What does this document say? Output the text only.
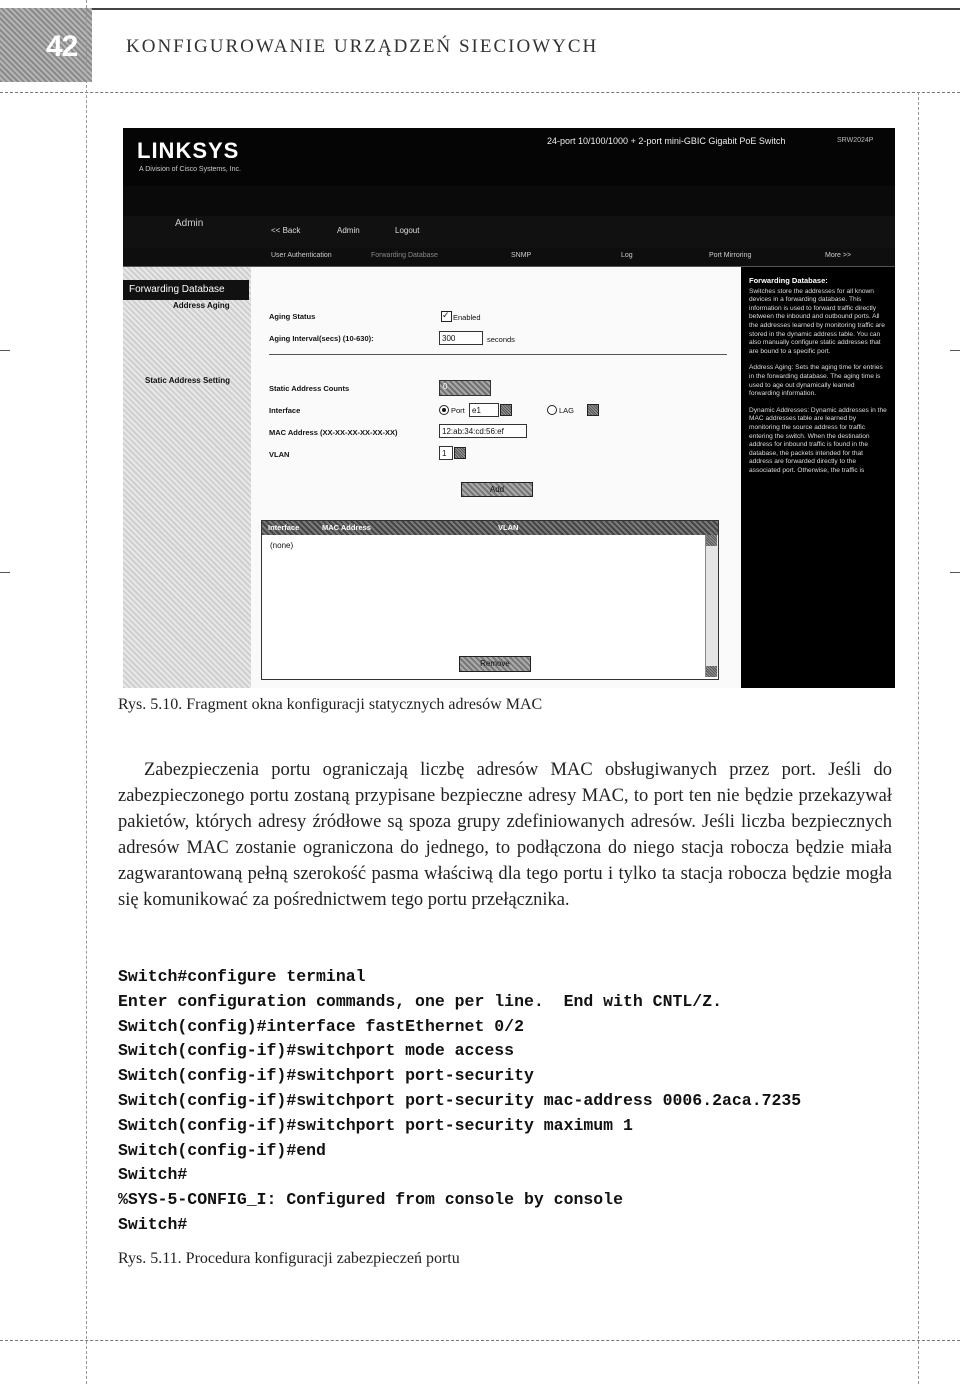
42	KONFIGUROWANIE URZĄDZEŃ SIECIOWYCH
LINKSYS
A Division of Cisco Systems, Inc.
24-port 10/100/1000 + 2-port mini-GBIC Gigabit PoE Switch	SRW2024P
Admin
<< Back	Admin	Logout
User Authentication	Forwarding Database	SNMP	Log	Port Mirroring	More >>
Forwarding Database
Address Aging
Static Address Setting
Aging Status	✓ Enabled
Aging Interval(secs) (10-630):	300	seconds
Static Address Counts	0
Interface	Port e1	LAG
MAC Address (XX-XX-XX-XX-XX-XX)	12:ab:34:cd:56:ef
VLAN	1
Add
Interface	MAC Address	VLAN
(none)
Remove
Forwarding Database:

Switches store the addresses for all known devices in a forwarding database. This information is used to forward traffic directly between the inbound and outbound ports. All the addresses learned by monitoring traffic are stored in the dynamic address table. You can also manually configure static addresses that are bound to a specific port.

Address Aging: Sets the aging time for entries in the forwarding database. The aging time is used to age out dynamically learned forwarding information.

Dynamic Addresses: Dynamic addresses in the MAC addresses table are learned by monitoring the source address for traffic entering the switch. When the destination address for inbound traffic is found in the database, the packets intended for that address are forwarded directly to the associated port. Otherwise, the traffic is

Rys. 5.10. Fragment okna konfiguracji statycznych adresów MAC
Zabezpieczenia portu ograniczają liczbę adresów MAC obsługiwanych przez port. Jeśli do zabezpieczonego portu zostaną przypisane bezpieczne adresy MAC, to port ten nie będzie przekazywał pakietów, których adresy źródłowe są spoza grupy zdefiniowanych adresów. Jeśli liczba bezpiecznych adresów MAC zostanie ograniczona do jednego, to podłączona do niego stacja robocza będzie miała zagwarantowaną pełną szerokość pasma właściwą dla tego portu i tylko ta stacja robocza będzie mogła się komunikować za pośrednictwem tego portu przełącznika.
Switch#configure terminal
Enter configuration commands, one per line.  End with CNTL/Z.
Switch(config)#interface fastEthernet 0/2
Switch(config-if)#switchport mode access
Switch(config-if)#switchport port-security
Switch(config-if)#switchport port-security mac-address 0006.2aca.7235
Switch(config-if)#switchport port-security maximum 1
Switch(config-if)#end
Switch#
%SYS-5-CONFIG_I: Configured from console by console
Switch#
Rys. 5.11. Procedura konfiguracji zabezpieczeń portu
